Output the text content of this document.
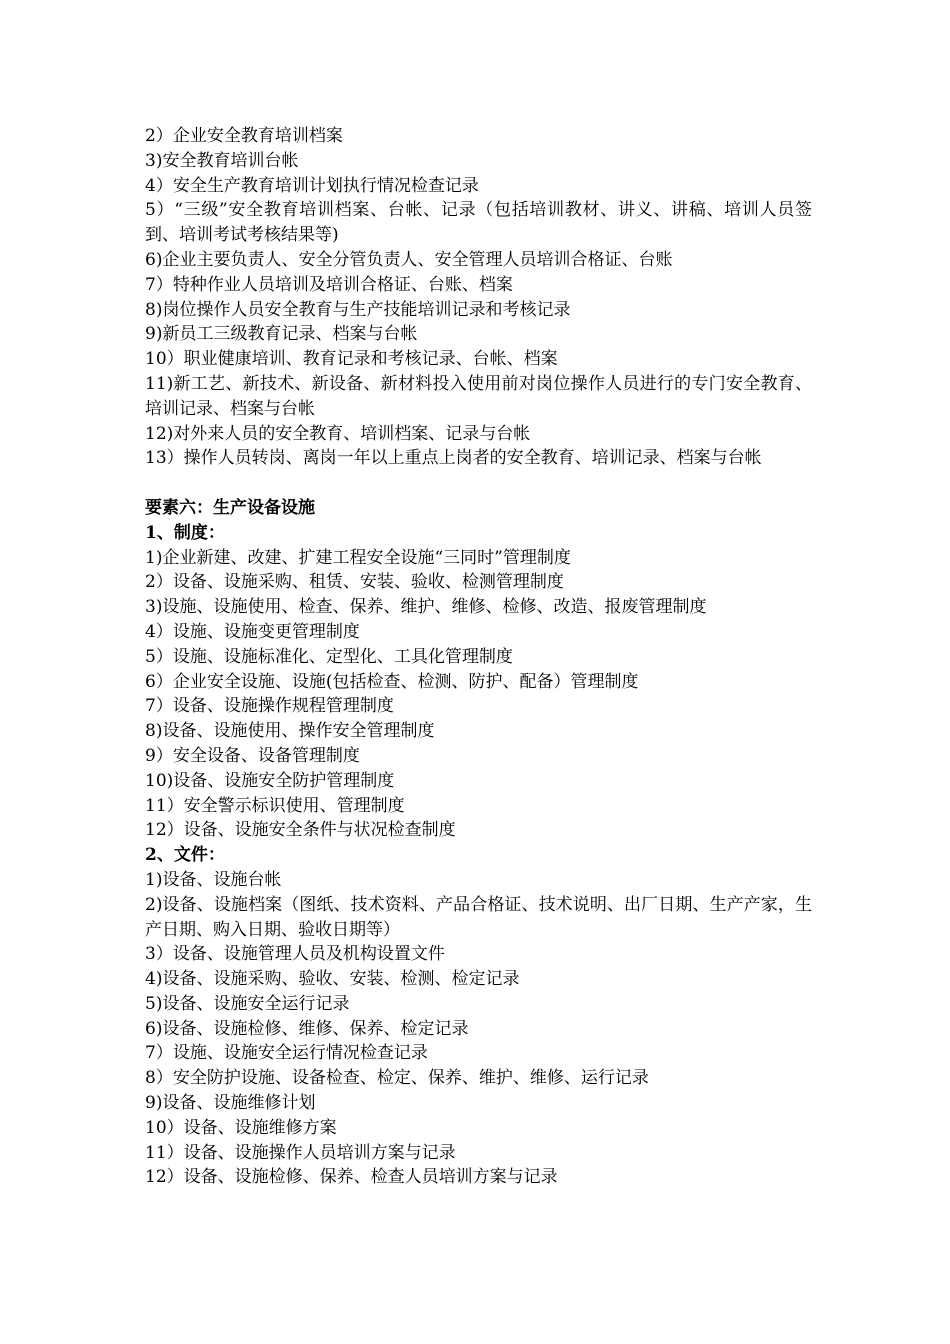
2）企业安全教育培训档案

3)安全教育培训台帐

4）安全生产教育培训计划执行情况检查记录

5）“三级”安全教育培训档案、台帐、记录（包括培训教材、讲义、讲稿、培训人员签到、培训考试考核结果等)

6)企业主要负责人、安全分管负责人、安全管理人员培训合格证、台账

7）特种作业人员培训及培训合格证、台账、档案

8)岗位操作人员安全教育与生产技能培训记录和考核记录

9)新员工三级教育记录、档案与台帐

10）职业健康培训、教育记录和考核记录、台帐、档案

11)新工艺、新技术、新设备、新材料投入使用前对岗位操作人员进行的专门安全教育、培训记录、档案与台帐

12)对外来人员的安全教育、培训档案、记录与台帐

13）操作人员转岗、离岗一年以上重点上岗者的安全教育、培训记录、档案与台帐

要素六：生产设备设施

1、制度：

1)企业新建、改建、扩建工程安全设施“三同时”管理制度

2）设备、设施采购、租赁、安装、验收、检测管理制度

3)设施、设施使用、检查、保养、维护、维修、检修、改造、报废管理制度

4）设施、设施变更管理制度

5）设施、设施标准化、定型化、工具化管理制度

6）企业安全设施、设施(包括检查、检测、防护、配备）管理制度

7）设备、设施操作规程管理制度

8)设备、设施使用、操作安全管理制度

9）安全设备、设备管理制度

10)设备、设施安全防护管理制度

11）安全警示标识使用、管理制度

12）设备、设施安全条件与状况检查制度

2、文件：

1)设备、设施台帐

2)设备、设施档案（图纸、技术资料、产品合格证、技术说明、出厂日期、生产产家，生产日期、购入日期、验收日期等）

3）设备、设施管理人员及机构设置文件

4)设备、设施采购、验收、安装、检测、检定记录

5)设备、设施安全运行记录

6)设备、设施检修、维修、保养、检定记录

7）设施、设施安全运行情况检查记录

8）安全防护设施、设备检查、检定、保养、维护、维修、运行记录

9)设备、设施维修计划

10）设备、设施维修方案

11）设备、设施操作人员培训方案与记录

12）设备、设施检修、保养、检查人员培训方案与记录
